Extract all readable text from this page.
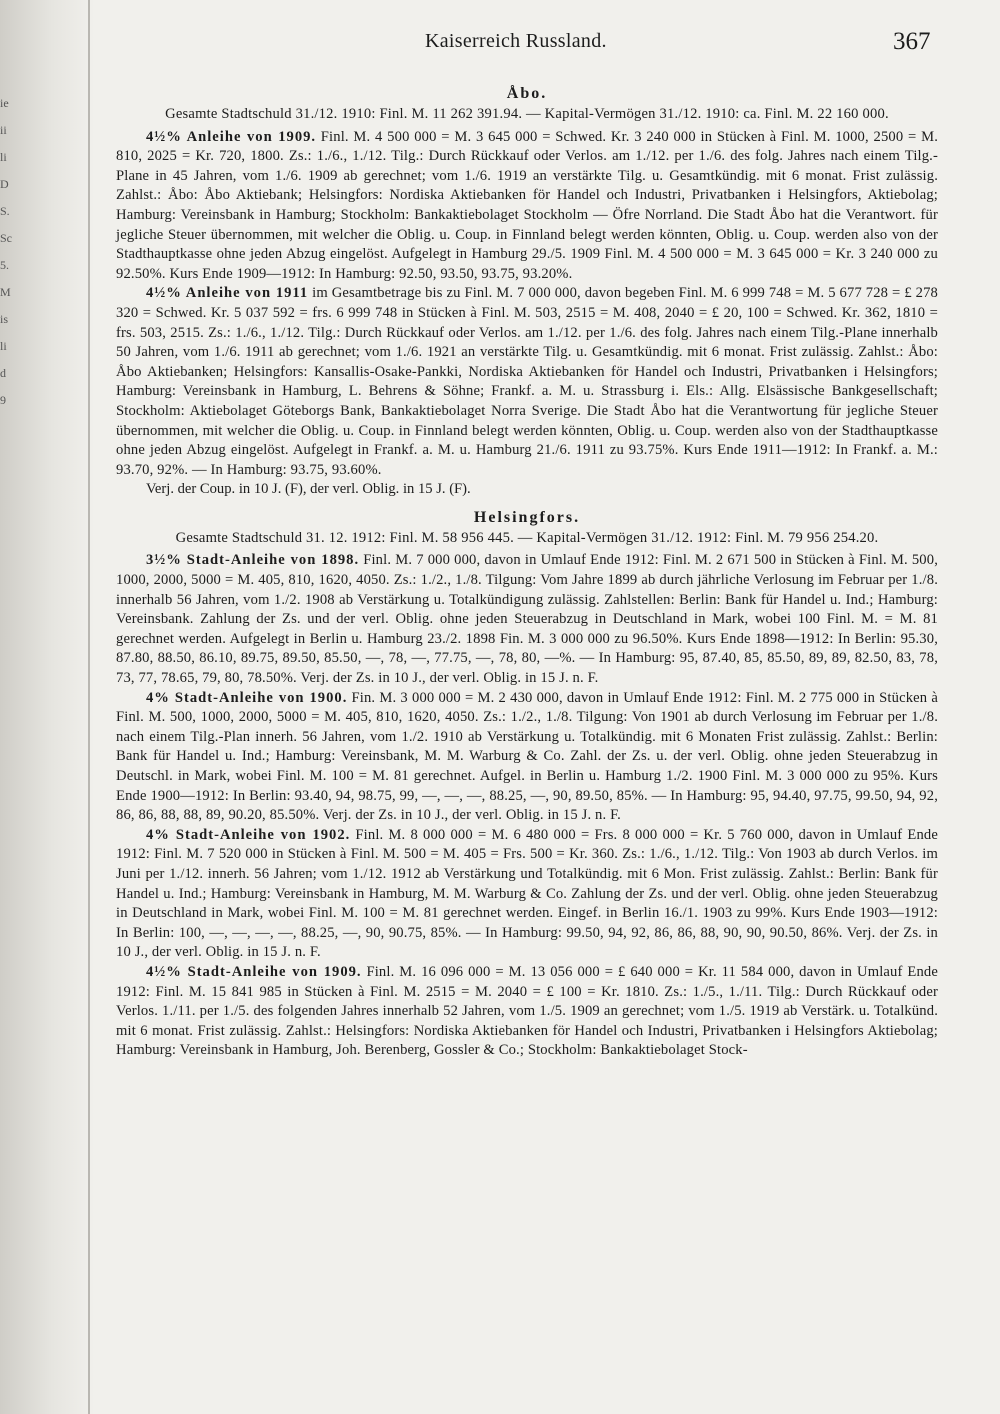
ie
ii
li
D
S.
Sc
5.
M
is
li
d
9
Kaiserreich Russland.	367
Åbo.
Gesamte Stadtschuld 31./12. 1910: Finl. M. 11 262 391.94. — Kapital-Vermögen 31./12. 1910: ca. Finl. M. 22 160 000.

4½% Anleihe von 1909. Finl. M. 4 500 000 = M. 3 645 000 = Schwed. Kr. 3 240 000 in Stücken à Finl. M. 1000, 2500 = M. 810, 2025 = Kr. 720, 1800. Zs.: 1./6., 1./12. Tilg.: Durch Rückkauf oder Verlos. am 1./12. per 1./6. des folg. Jahres nach einem Tilg.-Plane in 45 Jahren, vom 1./6. 1909 ab gerechnet; vom 1./6. 1919 an verstärkte Tilg. u. Gesamtkündig. mit 6 monat. Frist zulässig. Zahlst.: Åbo: Åbo Aktiebank; Helsingfors: Nordiska Aktiebanken för Handel och Industri, Privatbanken i Helsingfors, Aktiebolag; Hamburg: Vereinsbank in Hamburg; Stockholm: Bankaktiebolaget Stockholm — Öfre Norrland. Die Stadt Åbo hat die Verantwort. für jegliche Steuer übernommen, mit welcher die Oblig. u. Coup. in Finnland belegt werden könnten, Oblig. u. Coup. werden also von der Stadthauptkasse ohne jeden Abzug eingelöst. Aufgelegt in Hamburg 29./5. 1909 Finl. M. 4 500 000 = M. 3 645 000 = Kr. 3 240 000 zu 92.50%. Kurs Ende 1909—1912: In Hamburg: 92.50, 93.50, 93.75, 93.20%.

4½% Anleihe von 1911 im Gesamtbetrage bis zu Finl. M. 7 000 000, davon begeben Finl. M. 6 999 748 = M. 5 677 728 = £ 278 320 = Schwed. Kr. 5 037 592 = frs. 6 999 748 in Stücken à Finl. M. 503, 2515 = M. 408, 2040 = £ 20, 100 = Schwed. Kr. 362, 1810 = frs. 503, 2515. Zs.: 1./6., 1./12. Tilg.: Durch Rückkauf oder Verlos. am 1./12. per 1./6. des folg. Jahres nach einem Tilg.-Plane innerhalb 50 Jahren, vom 1./6. 1911 ab gerechnet; vom 1./6. 1921 an verstärkte Tilg. u. Gesamtkündig. mit 6 monat. Frist zulässig. Zahlst.: Åbo: Åbo Aktiebanken; Helsingfors: Kansallis-Osake-Pankki, Nordiska Aktiebanken för Handel och Industri, Privatbanken i Helsingfors; Hamburg: Vereinsbank in Hamburg, L. Behrens & Söhne; Frankf. a. M. u. Strassburg i. Els.: Allg. Elsässische Bankgesellschaft; Stockholm: Aktiebolaget Göteborgs Bank, Bankaktiebolaget Norra Sverige. Die Stadt Åbo hat die Verantwortung für jegliche Steuer übernommen, mit welcher die Oblig. u. Coup. in Finnland belegt werden könnten, Oblig. u. Coup. werden also von der Stadthauptkasse ohne jeden Abzug eingelöst. Aufgelegt in Frankf. a. M. u. Hamburg 21./6. 1911 zu 93.75%. Kurs Ende 1911—1912: In Frankf. a. M.: 93.70, 92%. — In Hamburg: 93.75, 93.60%.

Verj. der Coup. in 10 J. (F), der verl. Oblig. in 15 J. (F).

Helsingfors.
Gesamte Stadtschuld 31. 12. 1912: Finl. M. 58 956 445. — Kapital-Vermögen 31./12. 1912: Finl. M. 79 956 254.20.

3½% Stadt-Anleihe von 1898. Finl. M. 7 000 000, davon in Umlauf Ende 1912: Finl. M. 2 671 500 in Stücken à Finl. M. 500, 1000, 2000, 5000 = M. 405, 810, 1620, 4050. Zs.: 1./2., 1./8. Tilgung: Vom Jahre 1899 ab durch jährliche Verlosung im Februar per 1./8. innerhalb 56 Jahren, vom 1./2. 1908 ab Verstärkung u. Totalkündigung zulässig. Zahlstellen: Berlin: Bank für Handel u. Ind.; Hamburg: Vereinsbank. Zahlung der Zs. und der verl. Oblig. ohne jeden Steuerabzug in Deutschland in Mark, wobei 100 Finl. M. = M. 81 gerechnet werden. Aufgelegt in Berlin u. Hamburg 23./2. 1898 Fin. M. 3 000 000 zu 96.50%. Kurs Ende 1898—1912: In Berlin: 95.30, 87.80, 88.50, 86.10, 89.75, 89.50, 85.50, —, 78, —, 77.75, —, 78, 80, —%. — In Hamburg: 95, 87.40, 85, 85.50, 89, 89, 82.50, 83, 78, 73, 77, 78.65, 79, 80, 78.50%. Verj. der Zs. in 10 J., der verl. Oblig. in 15 J. n. F.

4% Stadt-Anleihe von 1900. Fin. M. 3 000 000 = M. 2 430 000, davon in Umlauf Ende 1912: Finl. M. 2 775 000 in Stücken à Finl. M. 500, 1000, 2000, 5000 = M. 405, 810, 1620, 4050. Zs.: 1./2., 1./8. Tilgung: Von 1901 ab durch Verlosung im Februar per 1./8. nach einem Tilg.-Plan innerh. 56 Jahren, vom 1./2. 1910 ab Verstärkung u. Totalkündig. mit 6 Monaten Frist zulässig. Zahlst.: Berlin: Bank für Handel u. Ind.; Hamburg: Vereinsbank, M. M. Warburg & Co. Zahl. der Zs. u. der verl. Oblig. ohne jeden Steuerabzug in Deutschl. in Mark, wobei Finl. M. 100 = M. 81 gerechnet. Aufgel. in Berlin u. Hamburg 1./2. 1900 Finl. M. 3 000 000 zu 95%. Kurs Ende 1900—1912: In Berlin: 93.40, 94, 98.75, 99, —, —, —, 88.25, —, 90, 89.50, 85%. — In Hamburg: 95, 94.40, 97.75, 99.50, 94, 92, 86, 86, 88, 88, 89, 90.20, 85.50%. Verj. der Zs. in 10 J., der verl. Oblig. in 15 J. n. F.

4% Stadt-Anleihe von 1902. Finl. M. 8 000 000 = M. 6 480 000 = Frs. 8 000 000 = Kr. 5 760 000, davon in Umlauf Ende 1912: Finl. M. 7 520 000 in Stücken à Finl. M. 500 = M. 405 = Frs. 500 = Kr. 360. Zs.: 1./6., 1./12. Tilg.: Von 1903 ab durch Verlos. im Juni per 1./12. innerh. 56 Jahren; vom 1./12. 1912 ab Verstärkung und Totalkündig. mit 6 Mon. Frist zulässig. Zahlst.: Berlin: Bank für Handel u. Ind.; Hamburg: Vereinsbank in Hamburg, M. M. Warburg & Co. Zahlung der Zs. und der verl. Oblig. ohne jeden Steuerabzug in Deutschland in Mark, wobei Finl. M. 100 = M. 81 gerechnet werden. Eingef. in Berlin 16./1. 1903 zu 99%. Kurs Ende 1903—1912: In Berlin: 100, —, —, —, —, 88.25, —, 90, 90.75, 85%. — In Hamburg: 99.50, 94, 92, 86, 86, 88, 90, 90, 90.50, 86%. Verj. der Zs. in 10 J., der verl. Oblig. in 15 J. n. F.

4½% Stadt-Anleihe von 1909. Finl. M. 16 096 000 = M. 13 056 000 = £ 640 000 = Kr. 11 584 000, davon in Umlauf Ende 1912: Finl. M. 15 841 985 in Stücken à Finl. M. 2515 = M. 2040 = £ 100 = Kr. 1810. Zs.: 1./5., 1./11. Tilg.: Durch Rückkauf oder Verlos. 1./11. per 1./5. des folgenden Jahres innerhalb 52 Jahren, vom 1./5. 1909 an gerechnet; vom 1./5. 1919 ab Verstärk. u. Totalkünd. mit 6 monat. Frist zulässig. Zahlst.: Helsingfors: Nordiska Aktiebanken för Handel och Industri, Privatbanken i Helsingfors Aktiebolag; Hamburg: Vereinsbank in Hamburg, Joh. Berenberg, Gossler & Co.; Stockholm: Bankaktiebolaget Stock-
